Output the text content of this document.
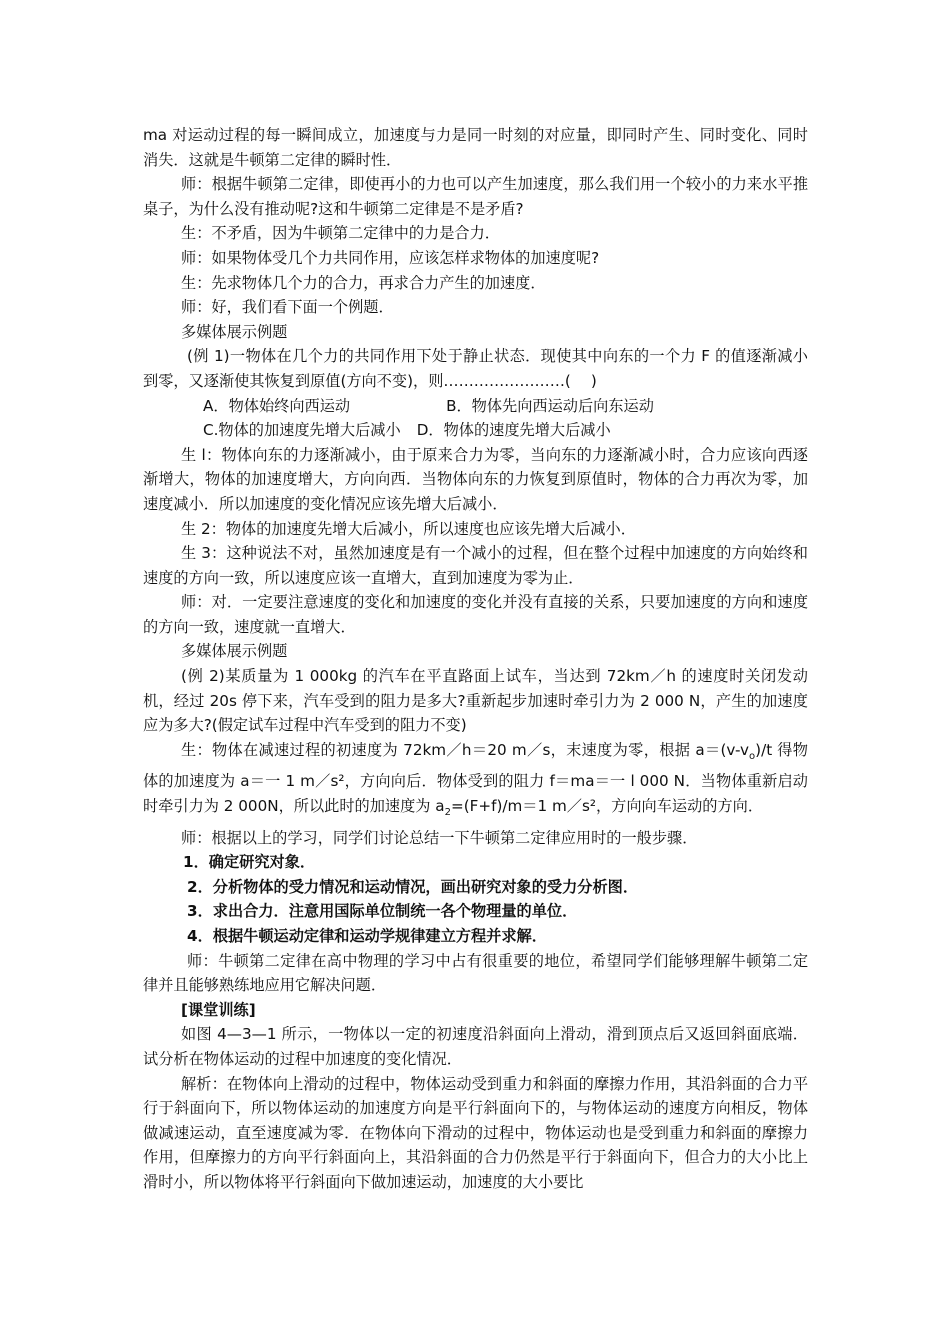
ma 对运动过程的每一瞬间成立，加速度与力是同一时刻的对应量，即同时产生、同时变化、同时消失．这就是牛顿第二定律的瞬时性．

师：根据牛顿第二定律，即使再小的力也可以产生加速度，那么我们用一个较小的力来水平推桌子，为什么没有推动呢?这和牛顿第二定律是不是矛盾?

生：不矛盾，因为牛顿第二定律中的力是合力．

师：如果物体受几个力共同作用，应该怎样求物体的加速度呢?

生：先求物体几个力的合力，再求合力产生的加速度．

师：好，我们看下面一个例题．

多媒体展示例题

(例 1)一物体在几个力的共同作用下处于静止状态．现使其中向东的一个力 F 的值逐渐减小到零，又逐渐使其恢复到原值(方向不变)，则……………………(　 )

A．物体始终向西运动	B．物体先向西运动后向东运动
C.物体的加速度先增大后减小 D．物体的速度先增大后减小

生 l：物体向东的力逐渐减小，由于原来合力为零，当向东的力逐渐减小时，合力应该向西逐渐增大，物体的加速度增大，方向向西．当物体向东的力恢复到原值时，物体的合力再次为零，加速度减小．所以加速度的变化情况应该先增大后减小．

生 2：物体的加速度先增大后减小，所以速度也应该先增大后减小．

生 3：这种说法不对，虽然加速度是有一个减小的过程，但在整个过程中加速度的方向始终和速度的方向一致，所以速度应该一直增大，直到加速度为零为止．

师：对．一定要注意速度的变化和加速度的变化并没有直接的关系，只要加速度的方向和速度的方向一致，速度就一直增大．

多媒体展示例题

(例 2)某质量为 1 000kg 的汽车在平直路面上试车，当达到 72km／h 的速度时关闭发动机，经过 20s 停下来，汽车受到的阻力是多大?重新起步加速时牵引力为 2 000 N，产生的加速度应为多大?(假定试车过程中汽车受到的阻力不变)

生：物体在减速过程的初速度为 72km／h＝20 m／s，末速度为零，根据 $a=(v-v_o)/t$ 得物体的加速度为 a＝一 1 m／s²，方向向后．物体受到的阻力 f＝ma＝一 l 000 N．当物体重新启动时牵引力为 2 000N，所以此时的加速度为 $a_2=(F+f)/m=1$ m／s²，方向向车运动的方向．

师：根据以上的学习，同学们讨论总结一下牛顿第二定律应用时的一般步骤．

1．确定研究对象．

2．分析物体的受力情况和运动情况，画出研究对象的受力分析图．

3．求出合力．注意用国际单位制统一各个物理量的单位．

4．根据牛顿运动定律和运动学规律建立方程并求解．

师：牛顿第二定律在高中物理的学习中占有很重要的地位，希望同学们能够理解牛顿第二定律并且能够熟练地应用它解决问题．

[课堂训练]

如图 4—3—1 所示，一物体以一定的初速度沿斜面向上滑动，滑到顶点后又返回斜面底端．试分析在物体运动的过程中加速度的变化情况．

解析：在物体向上滑动的过程中，物体运动受到重力和斜面的摩擦力作用，其沿斜面的合力平行于斜面向下，所以物体运动的加速度方向是平行斜面向下的，与物体运动的速度方向相反，物体做减速运动，直至速度减为零．在物体向下滑动的过程中，物体运动也是受到重力和斜面的摩擦力作用，但摩擦力的方向平行斜面向上，其沿斜面的合力仍然是平行于斜面向下，但合力的大小比上滑时小，所以物体将平行斜面向下做加速运动，加速度的大小要比
